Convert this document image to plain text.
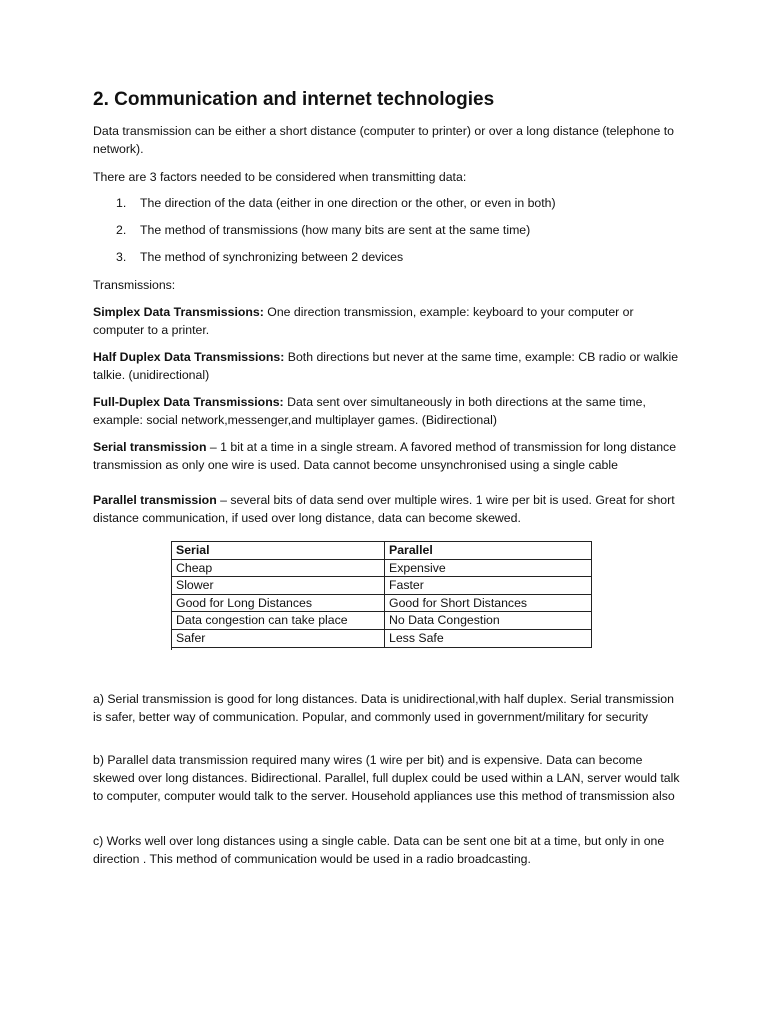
2. Communication and internet technologies

Data transmission can be either a short distance (computer to printer) or over a long distance (telephone to network).

There are 3 factors needed to be considered when transmitting data:

1.	The direction of the data (either in one direction or the other, or even in both)
2.	The method of transmissions (how many bits are sent at the same time)
3.	The method of synchronizing between 2 devices

Transmissions:

Simplex Data Transmissions: One direction transmission, example: keyboard to your computer or computer to a printer.

Half Duplex Data Transmissions: Both directions but never at the same time, example: CB radio or walkie talkie. (unidirectional)

Full-Duplex Data Transmissions: Data sent over simultaneously in both directions at the same time, example: social network,messenger,and multiplayer games. (Bidirectional)

Serial transmission – 1 bit at a time in a single stream. A favored method of transmission for long distance transmission as only one wire is used. Data cannot become unsynchronised using a single cable

Parallel transmission – several bits of data send over multiple wires. 1 wire per bit is used. Great for short distance communication, if used over long distance, data can become skewed.

Serial	Parallel
Cheap	Expensive
Slower	Faster
Good for Long Distances	Good for Short Distances
Data congestion can take place	No Data Congestion
Safer	Less Safe

a) Serial transmission is good for long distances. Data is unidirectional,with half duplex. Serial transmission is safer, better way of communication. Popular, and commonly used in government/military for security

b) Parallel data transmission required many wires (1 wire per bit) and is expensive. Data can become skewed over long distances. Bidirectional. Parallel, full duplex could be used within a LAN, server would talk to computer, computer would talk to the server. Household appliances use this method of transmission also

c) Works well over long distances using a single cable. Data can be sent one bit at a time, but only in one direction . This method of communication would be used in a radio broadcasting.
